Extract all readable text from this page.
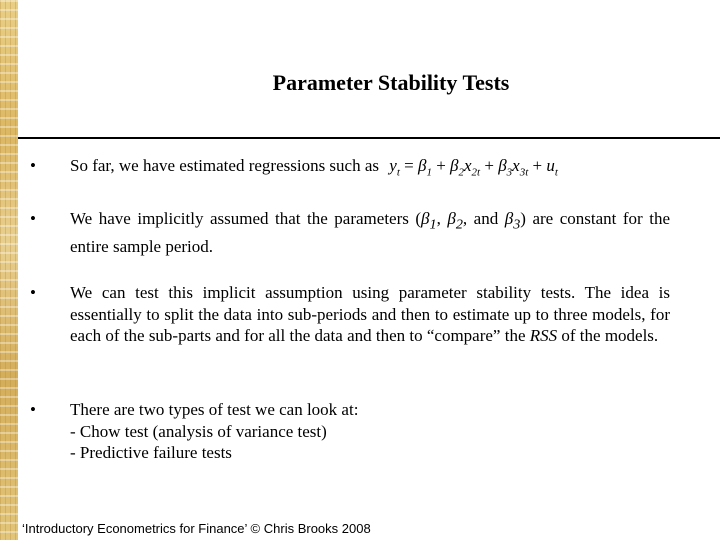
Parameter Stability Tests
• So far, we have estimated regressions such as $y_t = \beta_1 + \beta_2x_{2t} + \beta_3x_{3t} + u_t$
• We have implicitly assumed that the parameters ($\beta_1$, $\beta_2$, and $\beta_3$) are constant for the entire sample period.
• We can test this implicit assumption using parameter stability tests. The idea is essentially to split the data into sub-periods and then to estimate up to three models, for each of the sub-parts and for all the data and then to “compare” the RSS of the models.
• There are two types of test we can look at:
- Chow test (analysis of variance test)
- Predictive failure tests
‘Introductory Econometrics for Finance’ © Chris Brooks 2008
